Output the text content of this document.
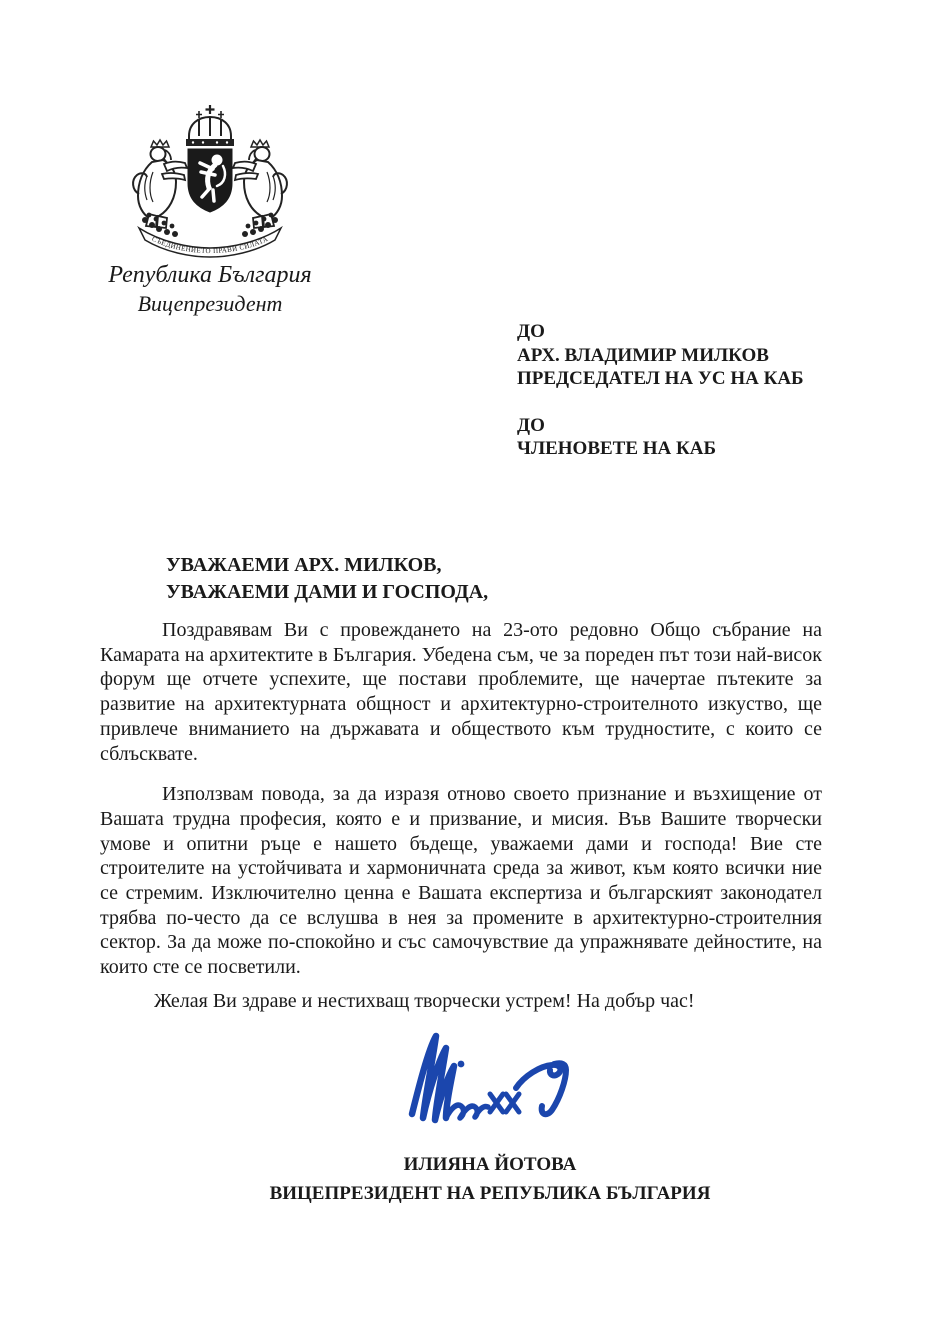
СЪЕДИНЕНИЕТО ПРАВИ СИЛАТА
Република България
Вицепрезидент
ДО
АРХ. ВЛАДИМИР МИЛКОВ
ПРЕДСЕДАТЕЛ НА УС НА КАБ
ДО
ЧЛЕНОВЕТЕ НА КАБ
УВАЖАЕМИ АРХ. МИЛКОВ,
УВАЖАЕМИ ДАМИ И ГОСПОДА,

Поздравявам Ви с провеждането на 23-ото редовно Общо събрание на Камарата на архитектите в България. Убедена съм, че за пореден път този най-висок форум ще отчете успехите, ще постави проблемите, ще начертае пътеките за развитие на архитектурната общност и архитектурно-строителното изкуство, ще привлече вниманието на държавата и обществото към трудностите, с които се сблъсквате.

Използвам повода, за да изразя отново своето признание и възхищение от Вашата трудна професия, която е и призвание, и мисия. Във Вашите творчески умове и опитни ръце е нашето бъдеще, уважаеми дами и господа! Вие сте строителите на устойчивата и хармоничната среда за живот, към която всички ние се стремим. Изключително ценна е Вашата експертиза и българският законодател трябва по-често да се вслушва в нея за промените в архитектурно-строителния сектор. За да може по-спокойно и със самочувствие да упражнявате дейностите, на които сте се посветили.

Желая Ви здраве и нестихващ творчески устрем! На добър час!

ИЛИЯНА ЙОТОВА
ВИЦЕПРЕЗИДЕНТ НА РЕПУБЛИКА БЪЛГАРИЯ
